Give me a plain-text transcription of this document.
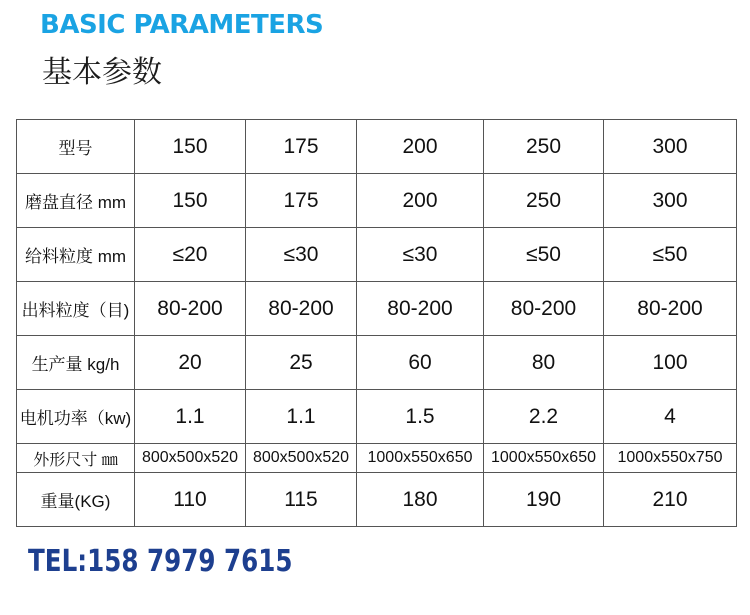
BASIC PARAMETERS
基本参数
型号	150	175	200	250	300
磨盘直径 mm	150	175	200	250	300
给料粒度 mm	≤20	≤30	≤30	≤50	≤50
出料粒度（目)	80-200	80-200	80-200	80-200	80-200
生产量 kg/h	20	25	60	80	100
电机功率（kw)	1.1	1.1	1.5	2.2	4
外形尺寸 ㎜	800x500x520	800x500x520	1000x550x650	1000x550x650	1000x550x750
重量(KG)	110	115	180	190	210
TEL:158 7979 7615
